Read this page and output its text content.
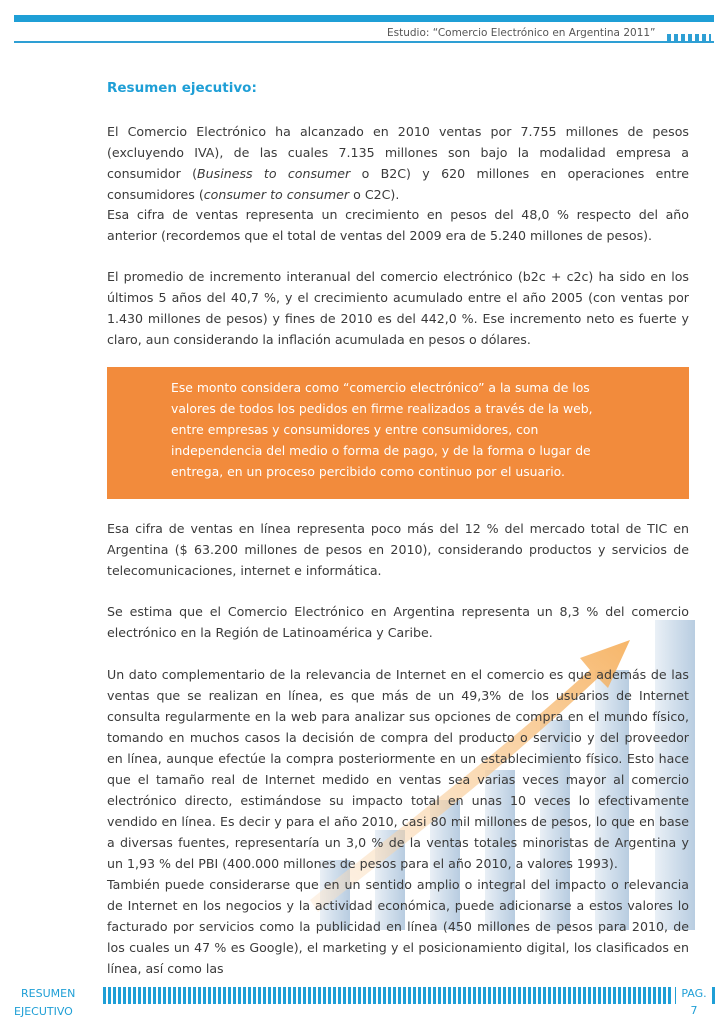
Estudio: “Comercio Electrónico en Argentina 2011”
Resumen ejecutivo:
El Comercio Electrónico ha alcanzado en 2010 ventas por 7.755 millones de pesos (excluyendo IVA), de las cuales 7.135 millones son bajo la modalidad empresa a consumidor (Business to consumer o B2C) y 620 millones en operaciones entre consumidores (consumer to consumer o C2C).
Esa cifra de ventas representa un crecimiento en pesos del 48,0 % respecto del año anterior (recordemos que el total de ventas del 2009 era de 5.240 millones de pesos).
El promedio de incremento interanual del comercio electrónico (b2c + c2c) ha sido en los últimos 5 años del 40,7 %, y el crecimiento acumulado entre el año 2005 (con ventas por 1.430 millones de pesos) y fines de 2010 es del 442,0 %. Ese incremento neto es fuerte y claro, aun considerando la inflación acumulada en pesos o dólares.
Ese monto considera como “comercio electrónico” a la suma de los valores de todos los pedidos en firme realizados a través de la web, entre empresas y consumidores y entre consumidores, con independencia del medio o forma de pago, y de la forma o lugar de entrega, en un proceso percibido como continuo por el usuario.
Esa cifra de ventas en línea representa poco más del 12 % del mercado total de TIC en Argentina ($ 63.200 millones de pesos en 2010), considerando productos y servicios de telecomunicaciones, internet e informática.
Se estima que el Comercio Electrónico en Argentina representa un 8,3 % del comercio electrónico en la Región de Latinoamérica y Caribe.
Un dato complementario de la relevancia de Internet en el comercio es que además de las ventas que se realizan en línea, es que más de un 49,3% de los usuarios de Internet consulta regularmente en la web para analizar sus opciones de compra en el mundo físico, tomando en muchos casos la decisión de compra del producto o servicio y del proveedor en línea, aunque efectúe la compra posteriormente en un establecimiento físico. Esto hace que el tamaño real de Internet medido en ventas sea varias veces mayor al comercio electrónico directo, estimándose su impacto total en unas 10 veces lo efectivamente vendido en línea. Es decir y para el año 2010, casi 80 mil millones de pesos, lo que en base a diversas fuentes, representaría un 3,0 % de la ventas totales minoristas de Argentina y un 1,93 % del PBI (400.000 millones de pesos para el año 2010, a valores 1993).
También puede considerarse que en un sentido amplio o integral del impacto o relevancia de Internet en los negocios y la actividad económica, puede adicionarse a estos valores lo facturado por servicios como la publicidad en línea (450 millones de pesos para 2010, de los cuales un 47 % es Google), el marketing y el posicionamiento digital, los clasificados en línea, así como las
RESUMEN
EJECUTIVO
PAG.
7
